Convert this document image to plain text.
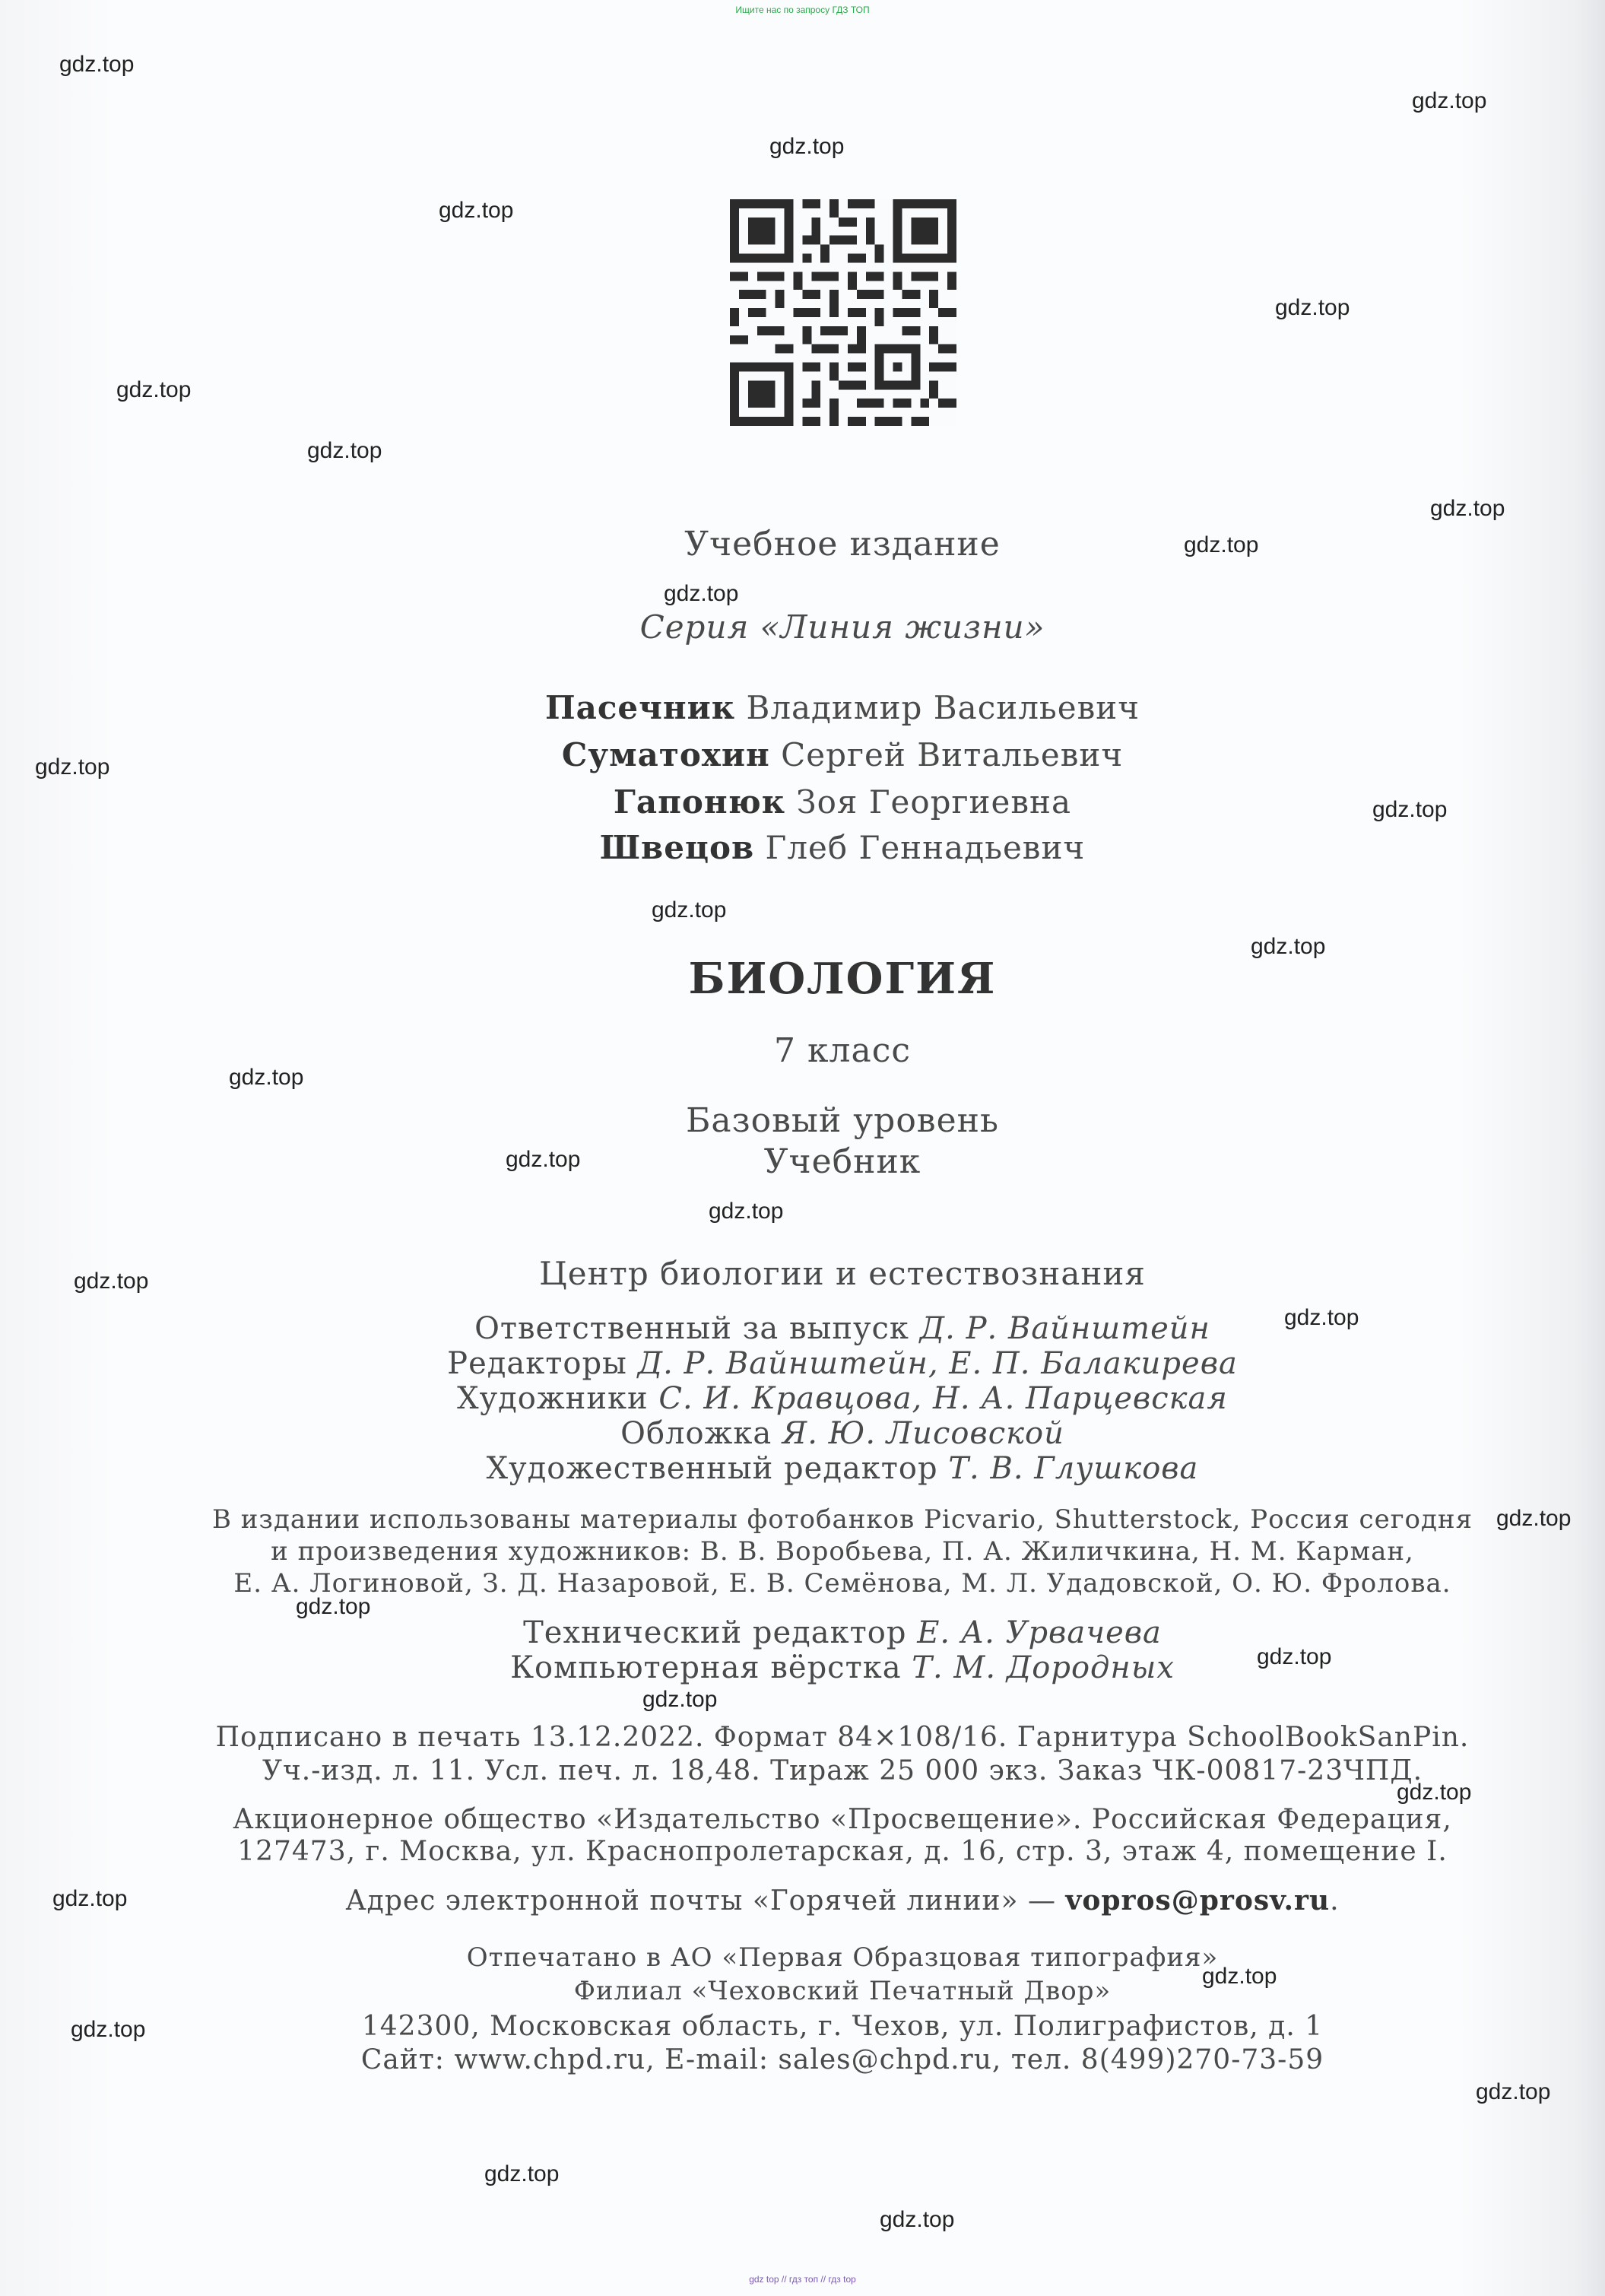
Ищите нас по запросу ГДЗ ТОП
gdz.top
gdz.top
gdz.top
gdz.top
gdz.top
gdz.top
gdz.top
gdz.top
gdz.top
gdz.top
gdz.top
gdz.top
gdz.top
gdz.top
gdz.top
gdz.top
gdz.top
gdz.top
gdz.top
gdz.top
gdz.top
gdz.top
gdz.top
gdz.top
gdz.top
gdz.top
gdz.top
gdz.top
gdz.top
gdz.top
Учебное издание
Серия «Линия жизни»
Пасечник Владимир Васильевич
Суматохин Сергей Витальевич
Гапонюк Зоя Георгиевна
Швецов Глеб Геннадьевич
БИОЛОГИЯ
7 класс
Базовый уровень
Учебник
Центр биологии и естествознания
Ответственный за выпуск Д. Р. Вайнштейн
Редакторы Д. Р. Вайнштейн, Е. П. Балакирева
Художники С. И. Кравцова, Н. А. Парцевская
Обложка Я. Ю. Лисовской
Художественный редактор Т. В. Глушкова
В издании использованы материалы фотобанков Picvario, Shutterstock, Россия сегодня
и произведения художников: В. В. Воробьева, П. А. Жиличкина, Н. М. Карман,
Е. А. Логиновой, З. Д. Назаровой, Е. В. Семёнова, М. Л. Удадовской, О. Ю. Фролова.
Технический редактор Е. А. Урвачева
Компьютерная вёрстка Т. М. Дородных
Подписано в печать 13.12.2022. Формат 84×108/16. Гарнитура SchoolBookSanPin.
Уч.-изд. л. 11. Усл. печ. л. 18,48. Тираж 25 000 экз. Заказ ЧК-00817-23ЧПД.
Акционерное общество «Издательство «Просвещение». Российская Федерация,
127473, г. Москва, ул. Краснопролетарская, д. 16, стр. 3, этаж 4, помещение I.
Адрес электронной почты «Горячей линии» — vopros@prosv.ru.
Отпечатано в АО «Первая Образцовая типография»
Филиал «Чеховский Печатный Двор»
142300, Московская область, г. Чехов, ул. Полиграфистов, д. 1
Сайт: www.chpd.ru, E-mail: sales@chpd.ru, тел. 8(499)270-73-59
gdz top // гдз топ // гдз top
